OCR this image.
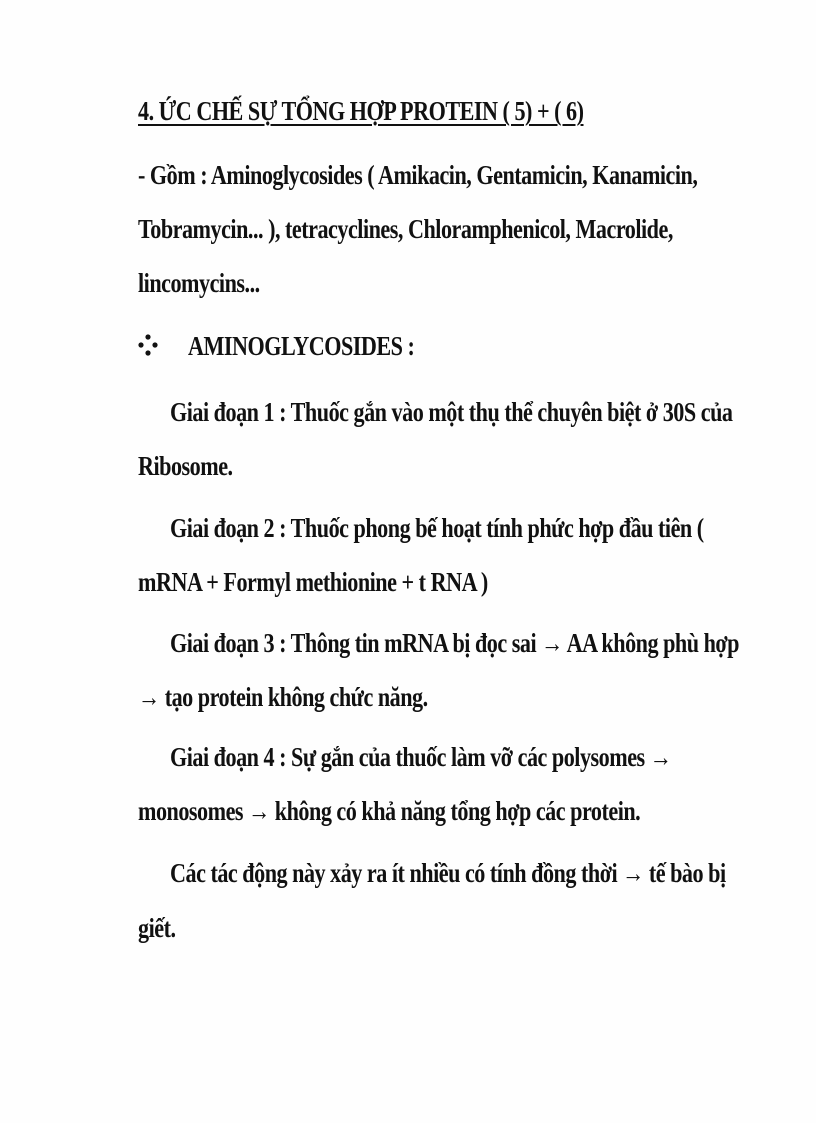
4. ỨC CHẾ SỰ TỔNG HỢP PROTEIN ( 5) + ( 6)
- Gồm : Aminoglycosides ( Amikacin, Gentamicin, Kanamicin,
Tobramycin... ), tetracyclines, Chloramphenicol, Macrolide,
lincomycins...
AMINOGLYCOSIDES :
Giai đoạn 1 : Thuốc gắn vào một thụ thể chuyên biệt ở 30S của
Ribosome.
Giai đoạn 2 : Thuốc phong bế hoạt tính phức hợp đầu tiên (
mRNA + Formyl methionine + t RNA )
Giai đoạn 3 : Thông tin mRNA bị đọc sai → AA không phù hợp
→ tạo protein không chức năng.
Giai đoạn 4 : Sự gắn của thuốc làm vỡ các polysomes →
monosomes → không có khả năng tổng hợp các protein.
Các tác động này xảy ra ít nhiều có tính đồng thời → tế bào bị
giết.
